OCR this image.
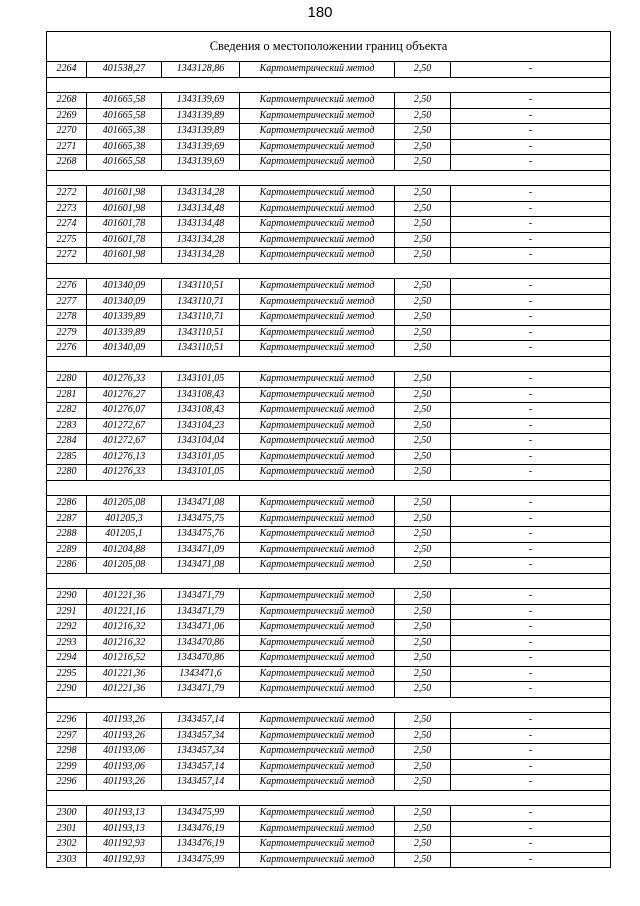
180
Сведения о местоположении границ объекта					
2264	401538,27	1343128,86	Картометрический метод	2,50	-

2268	401665,58	1343139,69	Картометрический метод	2,50	-
2269	401665,58	1343139,89	Картометрический метод	2,50	-
2270	401665,38	1343139,89	Картометрический метод	2,50	-
2271	401665,38	1343139,69	Картометрический метод	2,50	-
2268	401665,58	1343139,69	Картометрический метод	2,50	-

2272	401601,98	1343134,28	Картометрический метод	2,50	-
2273	401601,98	1343134,48	Картометрический метод	2,50	-
2274	401601,78	1343134,48	Картометрический метод	2,50	-
2275	401601,78	1343134,28	Картометрический метод	2,50	-
2272	401601,98	1343134,28	Картометрический метод	2,50	-

2276	401340,09	1343110,51	Картометрический метод	2,50	-
2277	401340,09	1343110,71	Картометрический метод	2,50	-
2278	401339,89	1343110,71	Картометрический метод	2,50	-
2279	401339,89	1343110,51	Картометрический метод	2,50	-
2276	401340,09	1343110,51	Картометрический метод	2,50	-

2280	401276,33	1343101,05	Картометрический метод	2,50	-
2281	401276,27	1343108,43	Картометрический метод	2,50	-
2282	401276,07	1343108,43	Картометрический метод	2,50	-
2283	401272,67	1343104,23	Картометрический метод	2,50	-
2284	401272,67	1343104,04	Картометрический метод	2,50	-
2285	401276,13	1343101,05	Картометрический метод	2,50	-
2280	401276,33	1343101,05	Картометрический метод	2,50	-

2286	401205,08	1343471,08	Картометрический метод	2,50	-
2287	401205,3	1343475,75	Картометрический метод	2,50	-
2288	401205,1	1343475,76	Картометрический метод	2,50	-
2289	401204,88	1343471,09	Картометрический метод	2,50	-
2286	401205,08	1343471,08	Картометрический метод	2,50	-

2290	401221,36	1343471,79	Картометрический метод	2,50	-
2291	401221,16	1343471,79	Картометрический метод	2,50	-
2292	401216,32	1343471,06	Картометрический метод	2,50	-
2293	401216,32	1343470,86	Картометрический метод	2,50	-
2294	401216,52	1343470,86	Картометрический метод	2,50	-
2295	401221,36	1343471,6	Картометрический метод	2,50	-
2290	401221,36	1343471,79	Картометрический метод	2,50	-

2296	401193,26	1343457,14	Картометрический метод	2,50	-
2297	401193,26	1343457,34	Картометрический метод	2,50	-
2298	401193,06	1343457,34	Картометрический метод	2,50	-
2299	401193,06	1343457,14	Картометрический метод	2,50	-
2296	401193,26	1343457,14	Картометрический метод	2,50	-

2300	401193,13	1343475,99	Картометрический метод	2,50	-
2301	401193,13	1343476,19	Картометрический метод	2,50	-
2302	401192,93	1343476,19	Картометрический метод	2,50	-
2303	401192,93	1343475,99	Картометрический метод	2,50	-
